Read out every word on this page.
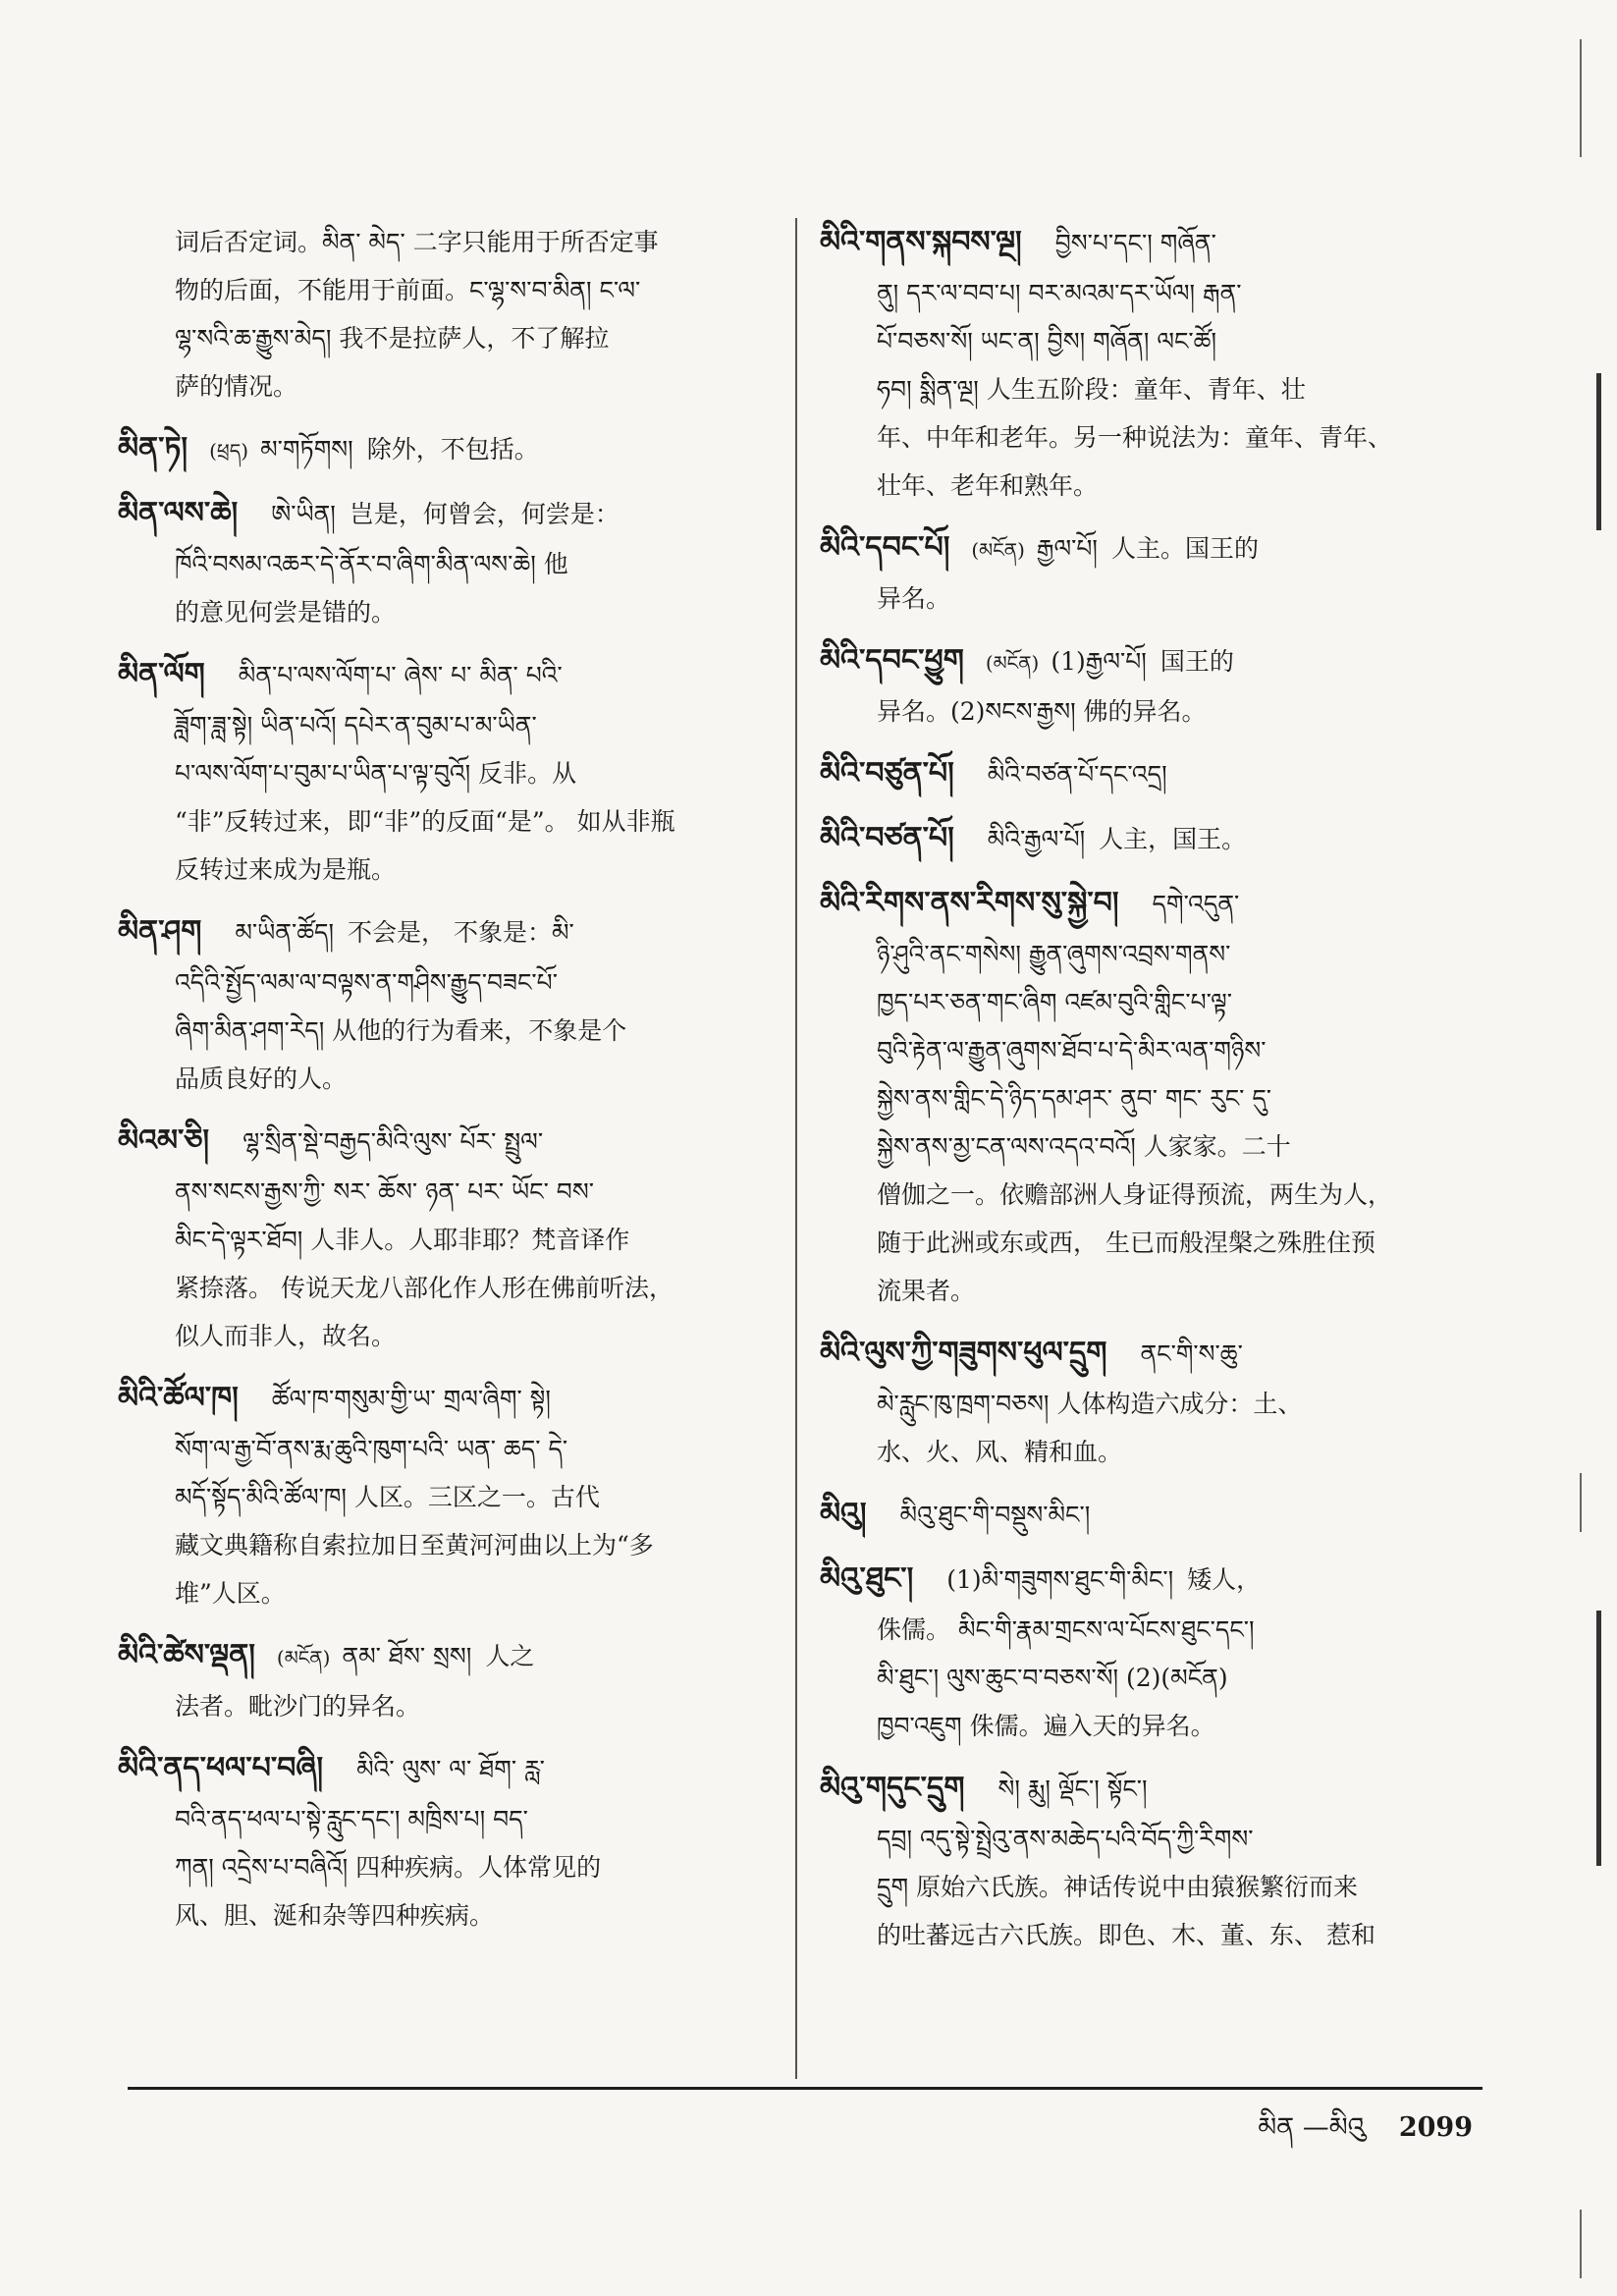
词后否定词。མིན་ མེད་ 二字只能用于所否定事

物的后面，不能用于前面。ང་ལྷ་ས་བ་མིན། ང་ལ་

ལྷ་སའི་ཆ་རྒྱུས་མེད། 我不是拉萨人，不了解拉

萨的情况。

མིན་ཏེ། (ཕྲད) མ་གཏོགས། 除外，不包括。
མིན་ལས་ཆེ། ཨེ་ཡིན། 岂是，何曾会，何尝是：

ཁོའི་བསམ་འཆར་དེ་ནོར་བ་ཞིག་མིན་ལས་ཆེ། 他

的意见何尝是错的。

མིན་ལོག མིན་པ་ལས་ལོག་པ་ ཞེས་ པ་ མིན་ པའི་

ཟློག་ཟླ་སྟེ། ཡིན་པའོ། དཔེར་ན་བུམ་པ་མ་ཡིན་

པ་ལས་ལོག་པ་བུམ་པ་ཡིན་པ་ལྟ་བུའོ། 反非。从

“非”反转过来，即“非”的反面“是”。 如从非瓶

反转过来成为是瓶。

མིན་ཤག མ་ཡིན་ཚོད། 不会是， 不象是：མི་

འདིའི་སྤྱོད་ལམ་ལ་བལྟས་ན་གཤིས་རྒྱུད་བཟང་པོ་

ཞིག་མིན་ཤག་རེད། 从他的行为看来，不象是个

品质良好的人。

མིའམ་ཅི། ལྷ་སྲིན་སྡེ་བརྒྱད་མིའི་ལུས་ པོར་ སྤྲུལ་

ནས་སངས་རྒྱས་ཀྱི་ སར་ ཆོས་ ཉན་ པར་ ཡོང་ བས་

མིང་དེ་ལྟར་ཐོབ། 人非人。人耶非耶？梵音译作

紧捺落。 传说天龙八部化作人形在佛前听法，

似人而非人，故名。

མིའི་ཚོལ་ཁ། ཚོལ་ཁ་གསུམ་གྱི་ཡ་ གྲལ་ཞིག་ སྟེ།

སོག་ལ་རྒྱ་བོ་ནས་རྨ་ཆུའི་ཁུག་པའི་ ཡན་ ཆད་ དེ་

མདོ་སྟོད་མིའི་ཚོལ་ཁ། 人区。三区之一。古代

藏文典籍称自索拉加日至黄河河曲以上为“多

堆”人区。

མིའི་ཚེས་ལྡན། (མངོན) ནམ་ ཐོས་ སྲས། 人之

法者。毗沙门的异名。

མིའི་ནད་ཕལ་པ་བཞི། མིའི་ ལུས་ ལ་ ཐོག་ རླ་

བའི་ནད་ཕལ་པ་སྟེ་རླུང་དང་། མཁྲིས་པ། བད་

ཀན། འདྲེས་པ་བཞིའོ། 四种疾病。人体常见的

风、胆、涎和杂等四种疾病。

མིའི་གནས་སྐབས་ལྔ། བྱིས་པ་དང་། གཞོན་

ནུ། དར་ལ་བབ་པ། བར་མའམ་དར་ཡོལ། རྒན་

པོ་བཅས་སོ། ཡང་ན། བྱིས། གཞོན། ལང་ཚོ།

ཧབ། སྨིན་ལྔ། 人生五阶段：童年、青年、壮

年、中年和老年。另一种说法为：童年、青年、

壮年、老年和熟年。

མིའི་དབང་པོ། (མངོན) རྒྱལ་པོ། 人主。国王的

异名。

མིའི་དབང་ཕྱུག (མངོན) (1)རྒྱལ་པོ། 国王的

异名。(2)སངས་རྒྱས། 佛的异名。

མིའི་བཙུན་པོ། མིའི་བཙན་པོ་དང་འདྲ།
མིའི་བཙན་པོ། མིའི་རྒྱལ་པོ། 人主，国王。
མིའི་རིགས་ནས་རིགས་སུ་སྐྱེ་བ། དགེ་འདུན་

ཉི་ཤུའི་ནང་གསེས། རྒྱུན་ཞུགས་འབྲས་གནས་

ཁྱད་པར་ཅན་གང་ཞིག འཛམ་བུའི་གླིང་པ་ལྟ་

བུའི་རྟེན་ལ་རྒྱུན་ཞུགས་ཐོབ་པ་དེ་མིར་ལན་གཉིས་

སྐྱེས་ནས་གླིང་དེ་ཉིད་དམ་ཤར་ ནུབ་ གང་ རུང་ དུ་

སྐྱེས་ནས་མྱ་ངན་ལས་འདའ་བའོ། 人家家。二十

僧伽之一。依赡部洲人身证得预流，两生为人，

随于此洲或东或西， 生已而般涅槃之殊胜住预

流果者。

མིའི་ལུས་ཀྱི་གཟུགས་ཕུལ་དྲུག ནང་གི་ས་ཆུ་

མེ་རླུང་ཁུ་ཁྲག་བཅས། 人体构造六成分：土、

水、火、风、精和血。

མིའུ། མིའུ་ཐུང་གི་བསྡུས་མིང་།
མིའུ་ཐུང་། (1)མི་གཟུགས་ཐུང་གི་མིང་། 矮人，

侏儒。 མིང་གི་རྣམ་གྲངས་ལ་པོངས་ཐུང་དང་།

མི་ཐུང་། ལུས་ཆུང་བ་བཅས་སོ། (2)(མངོན)

ཁྱབ་འཇུག 侏儒。遍入天的异名。

མིའུ་གདུང་དྲུག སེ། རྨུ། ལྡོང་། སྟོང་།

དབྲ། འདུ་སྟེ་སྤྲེའུ་ནས་མཆེད་པའི་བོད་ཀྱི་རིགས་

དྲུག 原始六氏族。神话传说中由猿猴繁衍而来

的吐蕃远古六氏族。即色、木、董、东、 惹和

མིན —མིའུ 2099
